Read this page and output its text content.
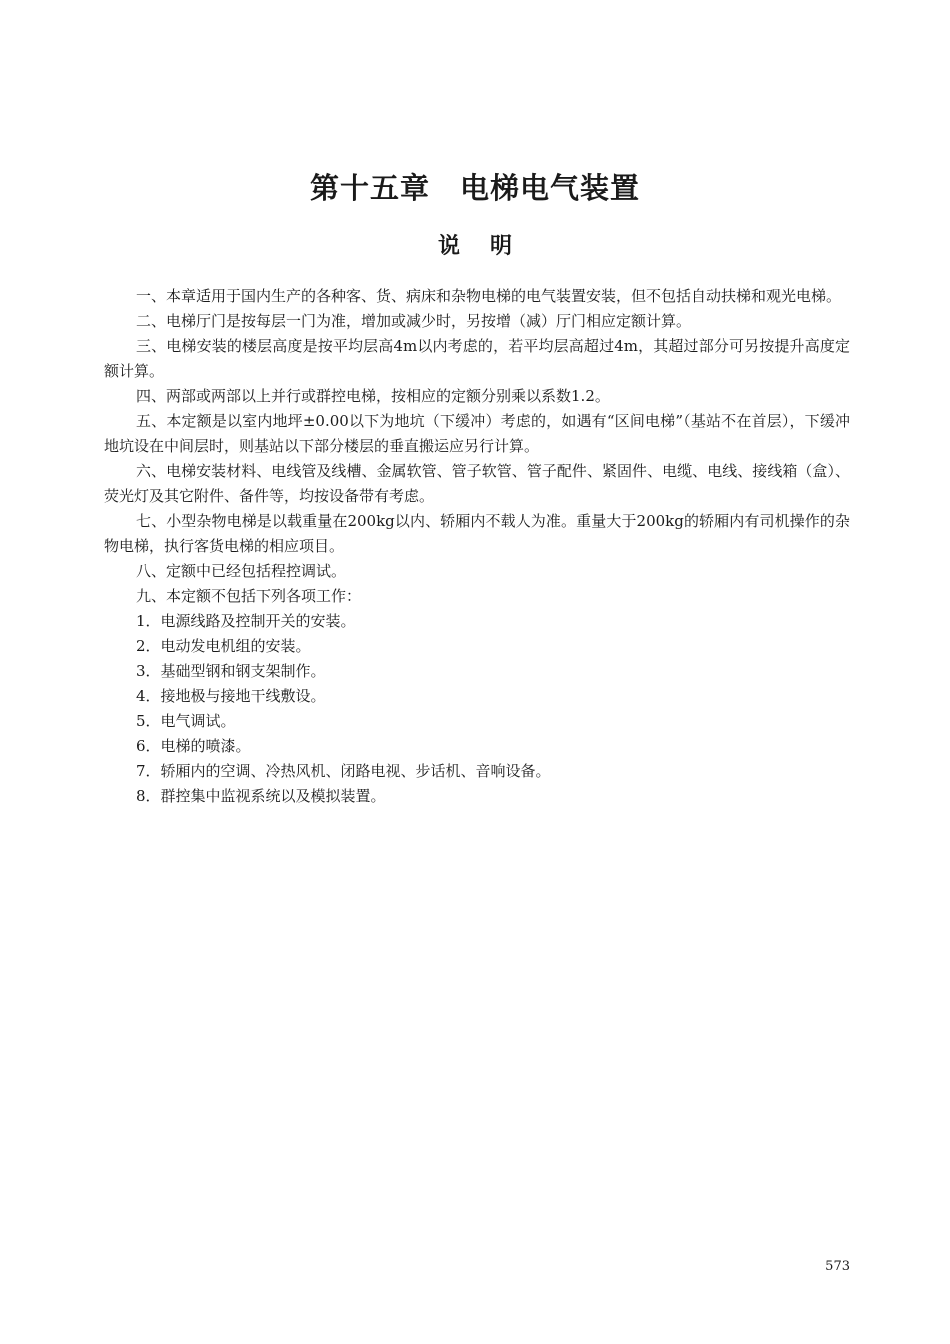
第十五章　电梯电气装置
说明

一、本章适用于国内生产的各种客、货、病床和杂物电梯的电气装置安装，但不包括自动扶梯和观光电梯。

二、电梯厅门是按每层一门为准，增加或减少时，另按增（减）厅门相应定额计算。

三、电梯安装的楼层高度是按平均层高4m以内考虑的，若平均层高超过4m，其超过部分可另按提升高度定额计算。

四、两部或两部以上并行或群控电梯，按相应的定额分别乘以系数1.2。

五、本定额是以室内地坪±0.00以下为地坑（下缓冲）考虑的，如遇有“区间电梯”（基站不在首层），下缓冲地坑设在中间层时，则基站以下部分楼层的垂直搬运应另行计算。

六、电梯安装材料、电线管及线槽、金属软管、管子软管、管子配件、紧固件、电缆、电线、接线箱（盒）、荧光灯及其它附件、备件等，均按设备带有考虑。

七、小型杂物电梯是以载重量在200kg以内、轿厢内不载人为准。重量大于200kg的轿厢内有司机操作的杂物电梯，执行客货电梯的相应项目。

八、定额中已经包括程控调试。

九、本定额不包括下列各项工作：

1．电源线路及控制开关的安装。

2．电动发电机组的安装。

3．基础型钢和钢支架制作。

4．接地极与接地干线敷设。

5．电气调试。

6．电梯的喷漆。

7．轿厢内的空调、冷热风机、闭路电视、步话机、音响设备。

8．群控集中监视系统以及模拟装置。

573
